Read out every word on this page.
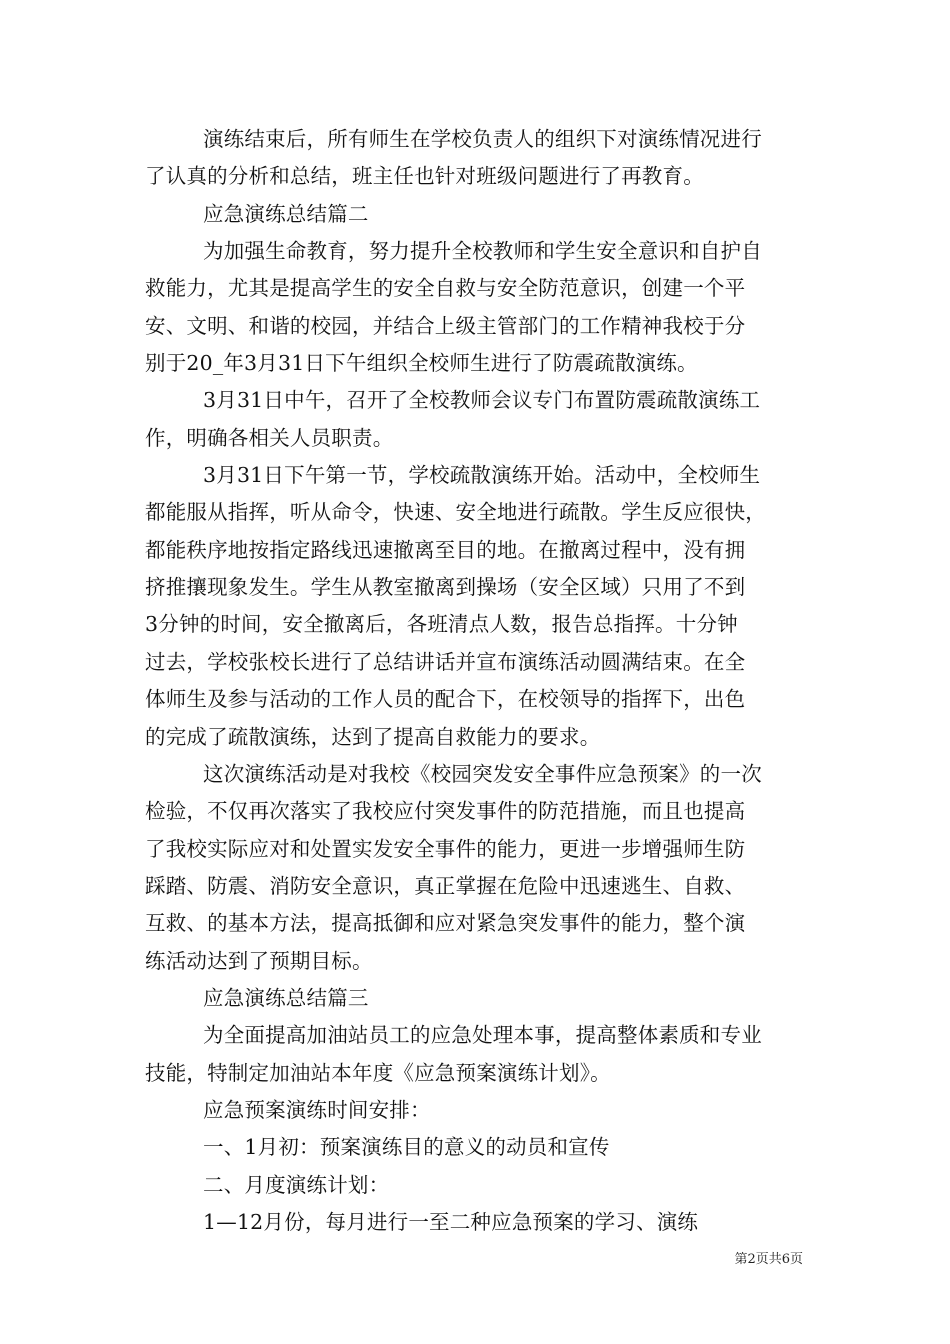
演练结束后，所有师生在学校负责人的组织下对演练情况进行
了认真的分析和总结，班主任也针对班级问题进行了再教育。
应急演练总结篇二
为加强生命教育，努力提升全校教师和学生安全意识和自护自
救能力，尤其是提高学生的安全自救与安全防范意识，创建一个平
安、文明、和谐的校园，并结合上级主管部门的工作精神我校于分
别于20_年3月31日下午组织全校师生进行了防震疏散演练。
3月31日中午，召开了全校教师会议专门布置防震疏散演练工
作，明确各相关人员职责。
3月31日下午第一节，学校疏散演练开始。活动中，全校师生
都能服从指挥，听从命令，快速、安全地进行疏散。学生反应很快，
都能秩序地按指定路线迅速撤离至目的地。在撤离过程中，没有拥
挤推攘现象发生。学生从教室撤离到操场（安全区域）只用了不到
3分钟的时间，安全撤离后，各班清点人数，报告总指挥。十分钟
过去，学校张校长进行了总结讲话并宣布演练活动圆满结束。在全
体师生及参与活动的工作人员的配合下，在校领导的指挥下，出色
的完成了疏散演练，达到了提高自救能力的要求。
这次演练活动是对我校《校园突发安全事件应急预案》的一次
检验，不仅再次落实了我校应付突发事件的防范措施，而且也提高
了我校实际应对和处置实发安全事件的能力，更进一步增强师生防
踩踏、防震、消防安全意识，真正掌握在危险中迅速逃生、自救、
互救、的基本方法，提高抵御和应对紧急突发事件的能力，整个演
练活动达到了预期目标。
应急演练总结篇三
为全面提高加油站员工的应急处理本事，提高整体素质和专业
技能，特制定加油站本年度《应急预案演练计划》。
应急预案演练时间安排：
一、1月初：预案演练目的意义的动员和宣传
二、月度演练计划：
1—12月份，每月进行一至二种应急预案的学习、演练
第2页共6页
